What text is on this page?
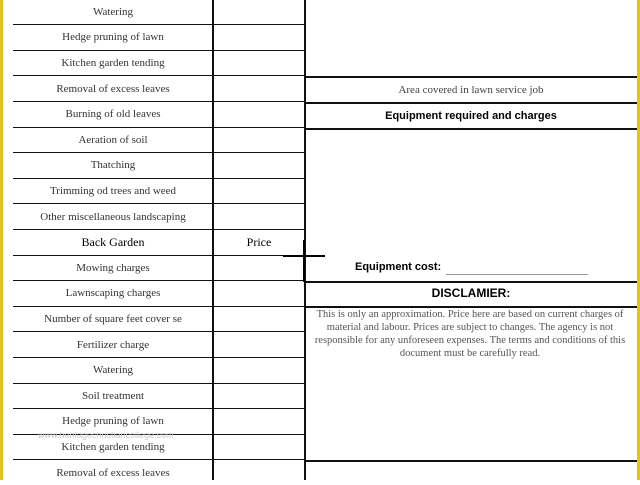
Watering
Hedge pruning of lawn
Kitchen garden tending
Removal of excess leaves
Burning of old leaves
Aeration of soil
Thatching
Trimming od trees and weed
Other miscellaneous landscaping
Back Garden	Price
Mowing charges
Lawnscaping charges
Number of square feet cover se
Fertilizer charge
Watering
Soil treatment
Hedge pruning of lawn
Kitchen garden tending
Removal of excess leaves
Area covered in lawn service job
Equipment required and charges
Equipment cost:
DISCLAMIER:
This is only an approximation. Price here are based on current charges of material and labour. Prices are subject to changes. The agency is not responsible for any unforeseen expenses. The terms and conditions of this document must be carefully read.
www.heritagechristiancollege.com
